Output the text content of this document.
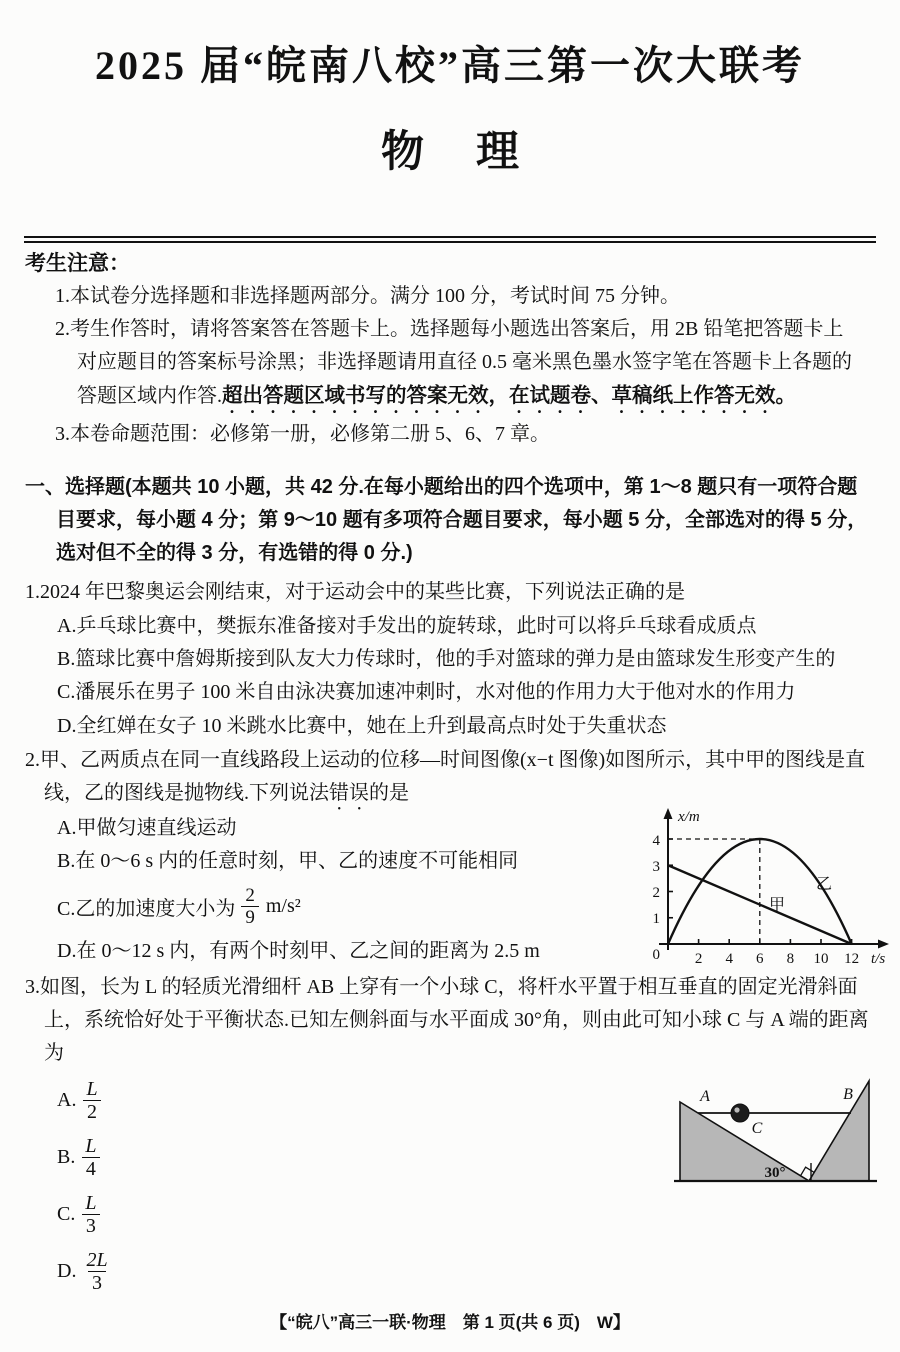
2025 届“皖南八校”高三第一次大联考
物 理
考生注意：
1.本试卷分选择题和非选择题两部分。满分 100 分，考试时间 75 分钟。
2.考生作答时，请将答案答在答题卡上。选择题每小题选出答案后，用 2B 铅笔把答题卡上对应题目的答案标号涂黑；非选择题请用直径 0.5 毫米黑色墨水签字笔在答题卡上各题的答题区域内作答.超出答题区域书写的答案无效，在试题卷、草稿纸上作答无效。
3.本卷命题范围：必修第一册，必修第二册 5、6、7 章。
一、选择题(本题共 10 小题，共 42 分.在每小题给出的四个选项中，第 1～8 题只有一项符合题目要求，每小题 4 分；第 9～10 题有多项符合题目要求，每小题 5 分，全部选对的得 5 分，选对但不全的得 3 分，有选错的得 0 分.)
1.2024 年巴黎奥运会刚结束，对于运动会中的某些比赛，下列说法正确的是
A.乒乓球比赛中，樊振东准备接对手发出的旋转球，此时可以将乒乓球看成质点
B.篮球比赛中詹姆斯接到队友大力传球时，他的手对篮球的弹力是由篮球发生形变产生的
C.潘展乐在男子 100 米自由泳决赛加速冲刺时，水对他的作用力大于他对水的作用力
D.全红婵在女子 10 米跳水比赛中，她在上升到最高点时处于失重状态
2.甲、乙两质点在同一直线路段上运动的位移—时间图像(x−t 图像)如图所示，其中甲的图线是直线，乙的图线是抛物线.下列说法错误的是
A.甲做匀速直线运动
B.在 0～6 s 内的任意时刻，甲、乙的速度不可能相同
C.乙的加速度大小为 $\frac{2}{9} m/s^2$
D.在 0～12 s 内，有两个时刻甲、乙之间的距离为 2.5 m
x/m
t/s
4
3
2
1
0 2 4 6 8 10 12
甲
乙
3.如图，长为 L 的轻质光滑细杆 AB 上穿有一个小球 C，将杆水平置于相互垂直的固定光滑斜面上，系统恰好处于平衡状态.已知左侧斜面与水平面成 30°角，则由此可知小球 C 与 A 端的距离为
A. $\frac{L}{2}$
B. $\frac{L}{4}$
C. $\frac{L}{3}$
D. $\frac{2L}{3}$
A	B
C
30°
【“皖八”高三一联·物理　第 1 页(共 6 页)　W】
